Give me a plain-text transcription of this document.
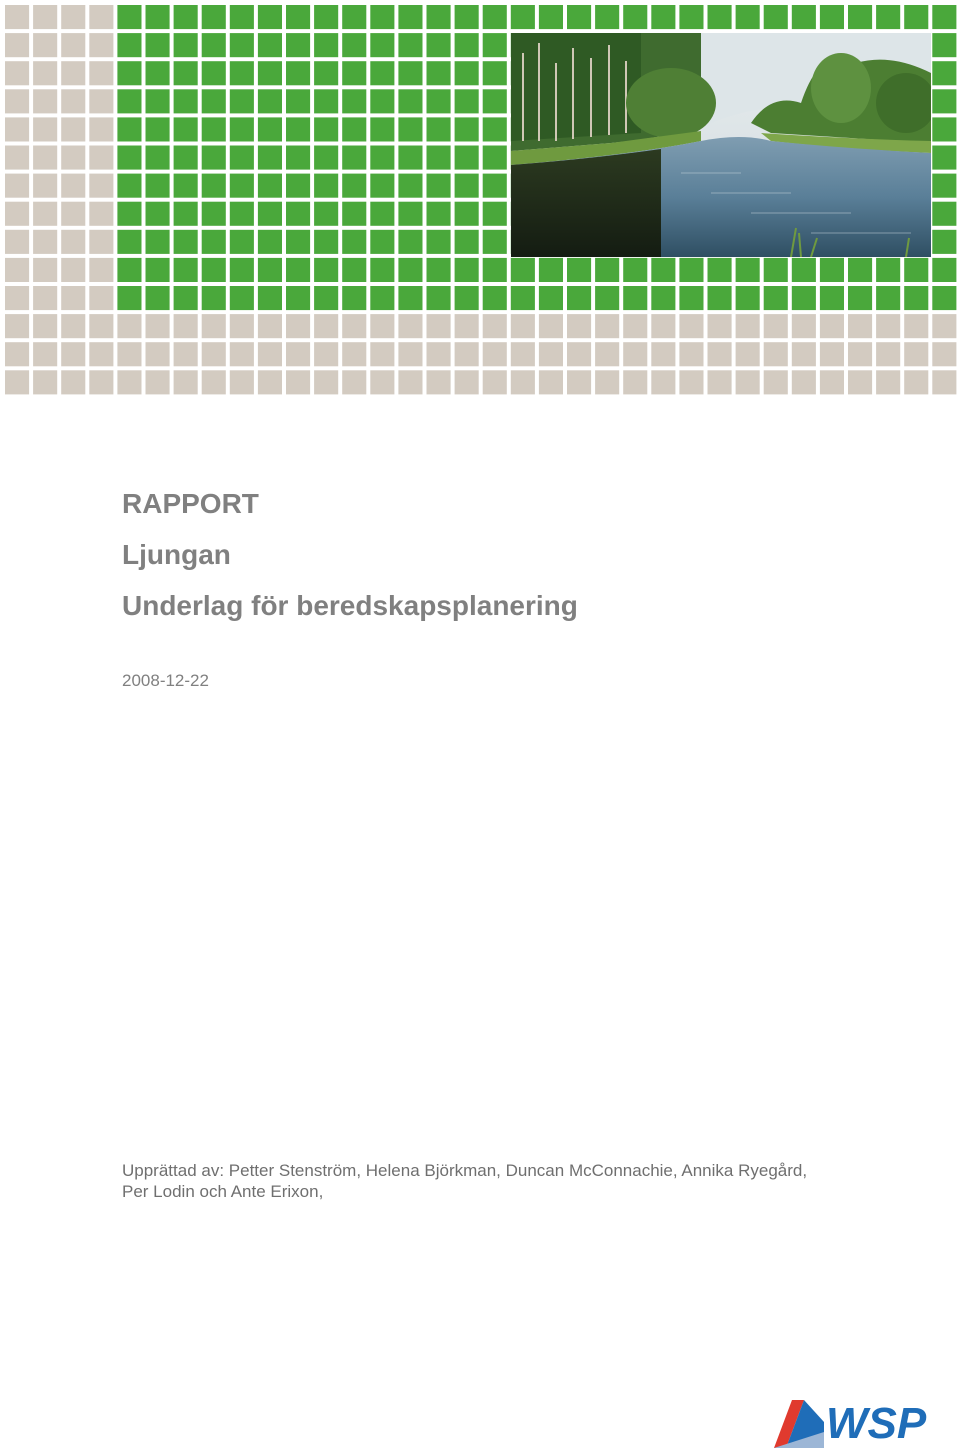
RAPPORT
Ljungan
Underlag för beredskapsplanering
2008-12-22
Upprättad av: Petter Stenström, Helena Björkman, Duncan McConnachie, Annika Ryegård, Per Lodin och Ante Erixon,
WSP
